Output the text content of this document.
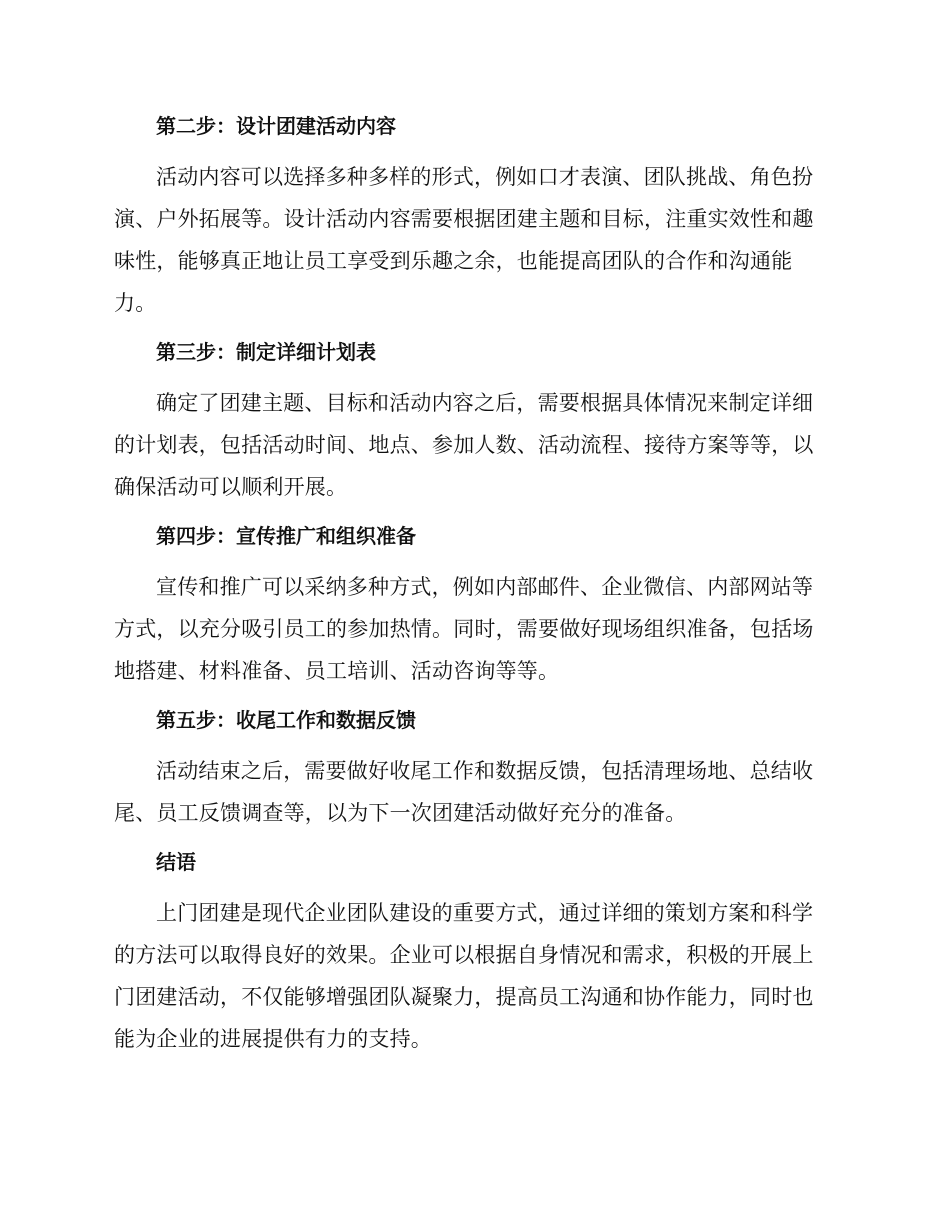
第二步：设计团建活动内容
活动内容可以选择多种多样的形式，例如口才表演、团队挑战、角色扮
演、户外拓展等。设计活动内容需要根据团建主题和目标，注重实效性和趣
味性，能够真正地让员工享受到乐趣之余，也能提高团队的合作和沟通能
力。
第三步：制定详细计划表
确定了团建主题、目标和活动内容之后，需要根据具体情况来制定详细
的计划表，包括活动时间、地点、参加人数、活动流程、接待方案等等，以
确保活动可以顺利开展。
第四步：宣传推广和组织准备
宣传和推广可以采纳多种方式，例如内部邮件、企业微信、内部网站等
方式，以充分吸引员工的参加热情。同时，需要做好现场组织准备，包括场
地搭建、材料准备、员工培训、活动咨询等等。
第五步：收尾工作和数据反馈
活动结束之后，需要做好收尾工作和数据反馈，包括清理场地、总结收
尾、员工反馈调查等，以为下一次团建活动做好充分的准备。
结语
上门团建是现代企业团队建设的重要方式，通过详细的策划方案和科学
的方法可以取得良好的效果。企业可以根据自身情况和需求，积极的开展上
门团建活动，不仅能够增强团队凝聚力，提高员工沟通和协作能力，同时也
能为企业的进展提供有力的支持。
